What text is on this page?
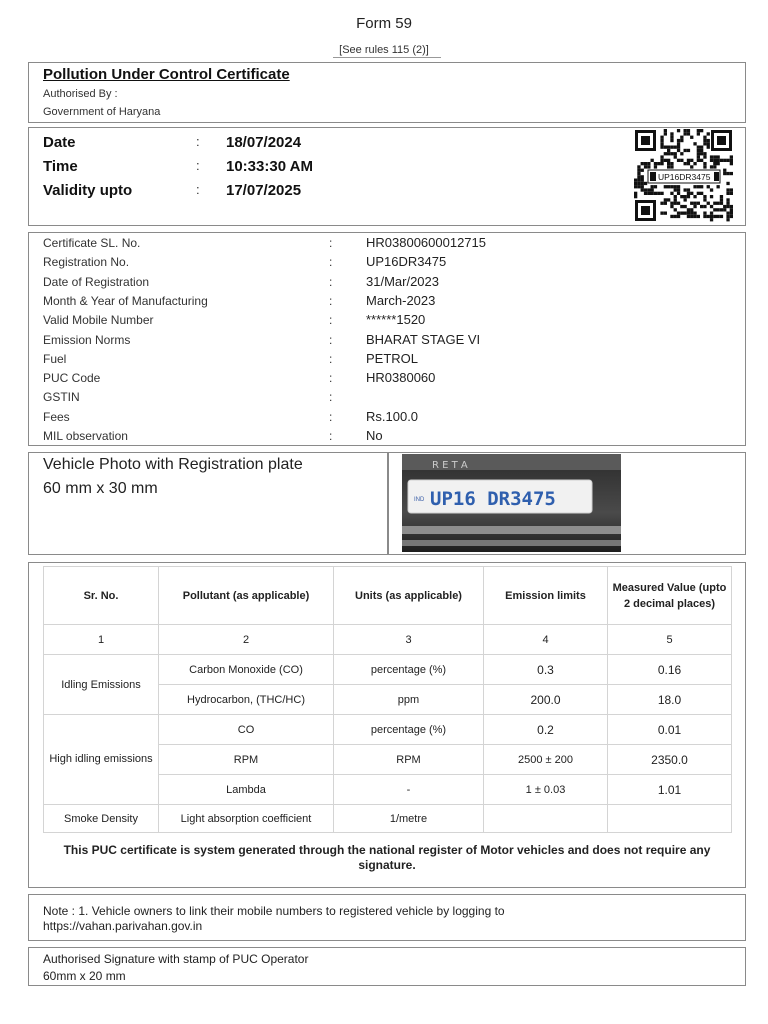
Form 59
[See rules 115 (2)]
Pollution Under Control Certificate
Authorised By :
Government of Haryana
Date	: 18/07/2024
Time	: 10:33:30 AM
Validity upto	: 17/07/2025
UP16DR3475
Certificate SL. No.	:	HR03800600012715
Registration No.	:	UP16DR3475
Date of Registration	:	31/Mar/2023
Month & Year of Manufacturing	:	March-2023
Valid Mobile Number	:	******1520
Emission Norms	:	BHARAT STAGE VI
Fuel	:	PETROL
PUC Code	:	HR0380060
GSTIN	:
Fees	:	Rs.100.0
MIL observation	:	No
Vehicle Photo with Registration plate
60 mm x 30 mm
R E T A
IND UP16 DR3475
Sr. No.	Pollutant (as applicable)	Units (as applicable)	Emission limits	Measured Value (upto 2 decimal places)
1	2	3	4	5
Idling Emissions	Carbon Monoxide (CO)	percentage (%)	0.3	0.16
	Hydrocarbon, (THC/HC)	ppm	200.0	18.0
High idling emissions	CO	percentage (%)	0.2	0.01
	RPM	RPM	2500 ± 200	2350.0
	Lambda	-	1 ± 0.03	1.01
Smoke Density	Light absorption coefficient	1/metre		
This PUC certificate is system generated through the national register of Motor vehicles and does not require any signature.
Note : 1. Vehicle owners to link their mobile numbers to registered vehicle by logging to
https://vahan.parivahan.gov.in
Authorised Signature with stamp of PUC Operator
60mm x 20 mm
